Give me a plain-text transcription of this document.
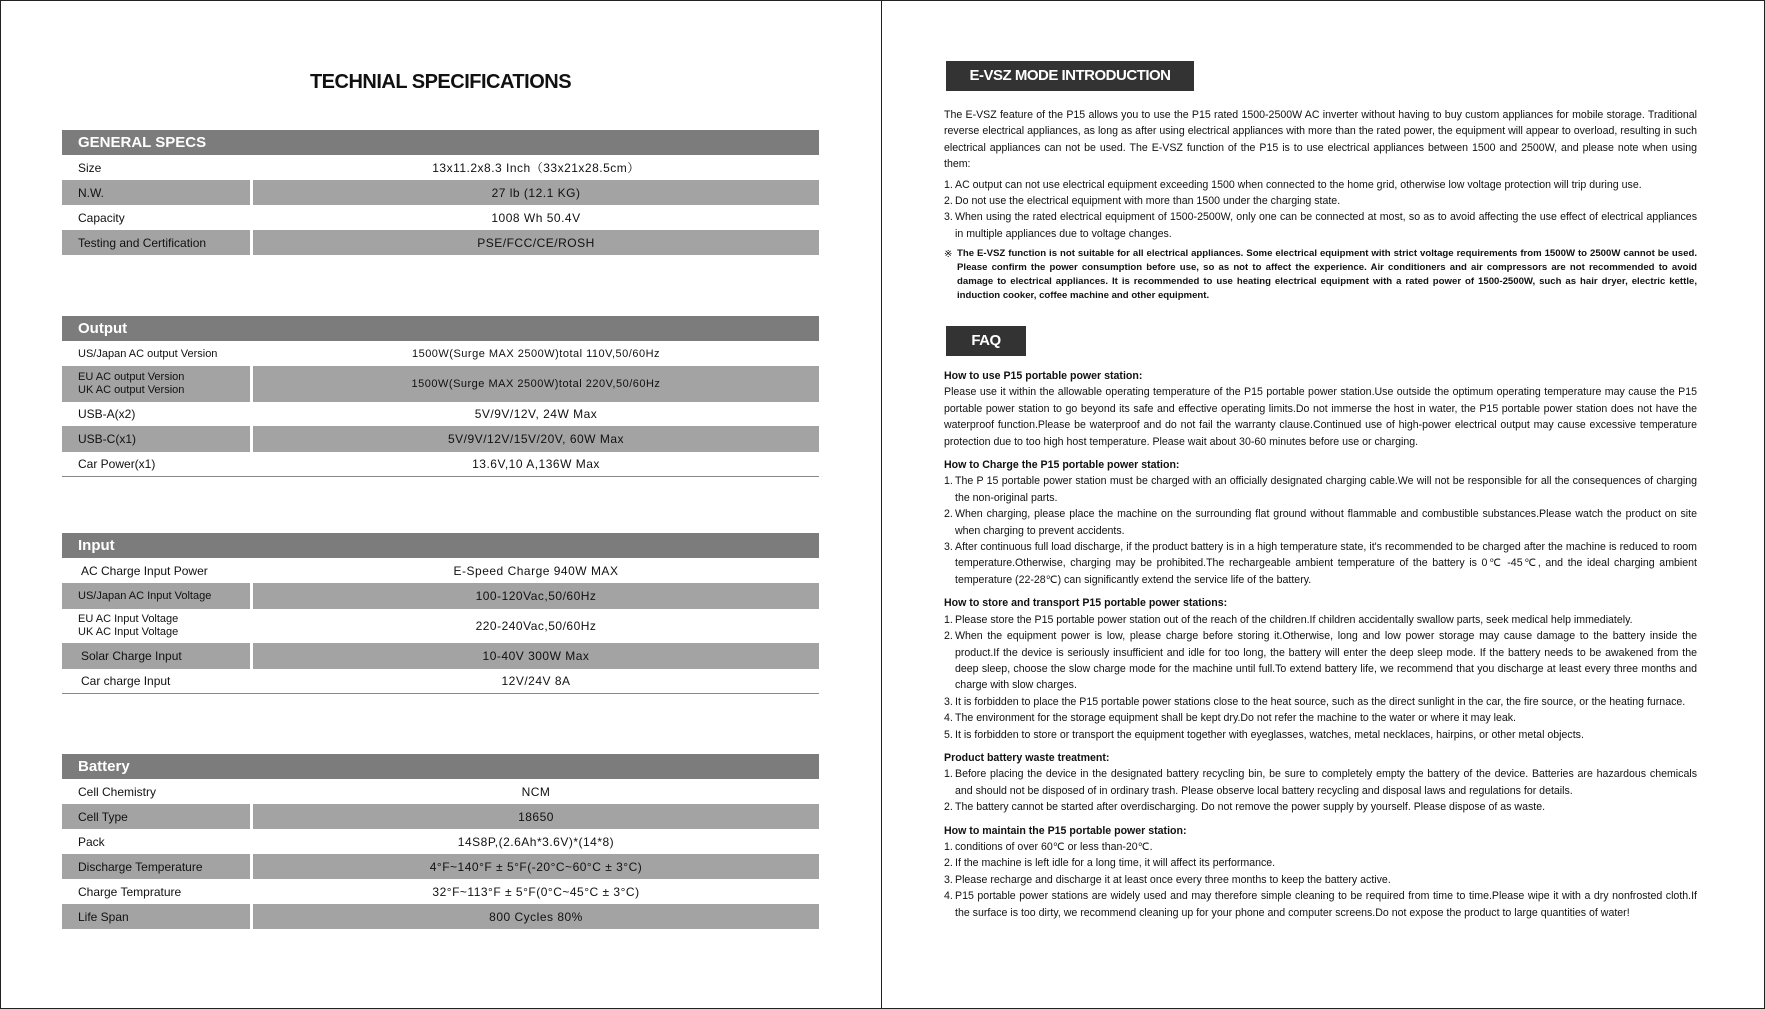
TECHNIAL SPECIFICATIONS
GENERAL SPECS
Size	13x11.2x8.3 Inch（33x21x28.5cm）
N.W.	27 lb (12.1 KG)
Capacity	1008 Wh 50.4V
Testing and Certification	PSE/FCC/CE/ROSH
Output
US/Japan AC output Version	1500W(Surge MAX 2500W)total 110V,50/60Hz
EU AC output Version
UK AC output Version	1500W(Surge MAX 2500W)total 220V,50/60Hz
USB-A(x2)	5V/9V/12V, 24W Max
USB-C(x1)	5V/9V/12V/15V/20V, 60W Max
Car Power(x1)	13.6V,10 A,136W Max
Input
AC Charge Input Power	E-Speed Charge 940W MAX
US/Japan AC Input Voltage	100-120Vac,50/60Hz
EU AC Input Voltage
UK AC Input Voltage	220-240Vac,50/60Hz
Solar Charge Input	10-40V 300W Max
Car charge Input	12V/24V 8A
Battery
Cell Chemistry	NCM
Cell Type	18650
Pack	14S8P,(2.6Ah*3.6V)*(14*8)
Discharge Temperature	4°F~140°F ± 5°F(-20°C~60°C ± 3°C)
Charge Temprature	32°F~113°F ± 5°F(0°C~45°C ± 3°C)
Life Span	800 Cycles 80%
E-VSZ MODE INTRODUCTION

The E-VSZ feature of the P15 allows you to use the P15 rated 1500-2500W AC inverter without having to buy custom appliances for mobile storage. Traditional reverse electrical appliances, as long as after using electrical appliances with more than the rated power, the equipment will appear to overload, resulting in such electrical appliances can not be used. The E-VSZ function of the P15 is to use electrical appliances between 1500 and 2500W, and please note when using them:

1. AC output can not use electrical equipment exceeding 1500 when connected to the home grid, otherwise low voltage protection will trip during use.
2. Do not use the electrical equipment with more than 1500 under the charging state.
3. When using the rated electrical equipment of 1500-2500W, only one can be connected at most, so as to avoid affecting the use effect of electrical appliances in multiple appliances due to voltage changes.
※ The E-VSZ function is not suitable for all electrical appliances. Some electrical equipment with strict voltage requirements from 1500W to 2500W cannot be used. Please confirm the power consumption before use, so as not to affect the experience. Air conditioners and air compressors are not recommended to avoid damage to electrical appliances. It is recommended to use heating electrical equipment with a rated power of 1500-2500W, such as hair dryer, electric kettle, induction cooker, coffee machine and other equipment.

FAQ

How to use P15 portable power station:

Please use it within the allowable operating temperature of the P15 portable power station.Use outside the optimum operating temperature may cause the P15 portable power station to go beyond its safe and effective operating limits.Do not immerse the host in water, the P15 portable power station does not have the waterproof function.Please be waterproof and do not fail the warranty clause.Continued use of high-power electrical output may cause excessive temperature protection due to too high host temperature. Please wait about 30-60 minutes before use or charging.

How to Charge the P15 portable power station:

1. The P 15 portable power station must be charged with an officially designated charging cable.We will not be responsible for all the consequences of charging the non-original parts.
2. When charging, please place the machine on the surrounding flat ground without flammable and combustible substances.Please watch the product on site when charging to prevent accidents.
3. After continuous full load discharge, if the product battery is in a high temperature state, it's recommended to be charged after the machine is reduced to room temperature.Otherwise, charging may be prohibited.The rechargeable ambient temperature of the battery is 0℃ -45℃, and the ideal charging ambient temperature (22-28℃) can significantly extend the service life of the battery.

How to store and transport P15 portable power stations:

1. Please store the P15 portable power station out of the reach of the children.If children accidentally swallow parts, seek medical help immediately.
2. When the equipment power is low, please charge before storing it.Otherwise, long and low power storage may cause damage to the battery inside the product.If the device is seriously insufficient and idle for too long, the battery will enter the deep sleep mode. If the battery needs to be awakened from the deep sleep, choose the slow charge mode for the machine until full.To extend battery life, we recommend that you discharge at least every three months and charge with slow charges.
3. It is forbidden to place the P15 portable power stations close to the heat source, such as the direct sunlight in the car, the fire source, or the heating furnace.
4. The environment for the storage equipment shall be kept dry.Do not refer the machine to the water or where it may leak.
5. It is forbidden to store or transport the equipment together with eyeglasses, watches, metal necklaces, hairpins, or other metal objects.

Product battery waste treatment:

1. Before placing the device in the designated battery recycling bin, be sure to completely empty the battery of the device. Batteries are hazardous chemicals and should not be disposed of in ordinary trash. Please observe local battery recycling and disposal laws and regulations for details.
2. The battery cannot be started after overdischarging. Do not remove the power supply by yourself. Please dispose of as waste.

How to maintain the P15 portable power station:

1. conditions of over 60℃ or less than-20℃.
2. If the machine is left idle for a long time, it will affect its performance.
3. Please recharge and discharge it at least once every three months to keep the battery active.
4. P15 portable power stations are widely used and may therefore simple cleaning to be required from time to time.Please wipe it with a dry nonfrosted cloth.If the surface is too dirty, we recommend cleaning up for your phone and computer screens.Do not expose the product to large quantities of water!
